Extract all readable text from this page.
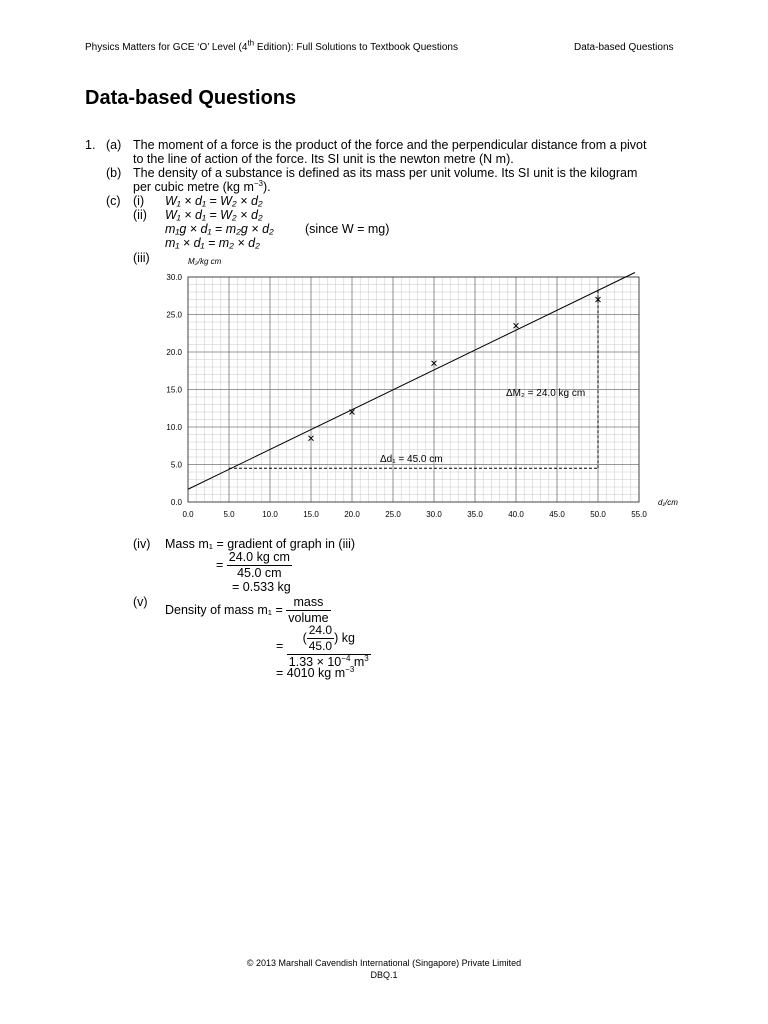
Physics Matters for GCE ‘O’ Level (4th Edition): Full Solutions to Textbook Questions	Data-based Questions
Data-based Questions
1. (a) The moment of a force is the product of the force and the perpendicular distance from a pivot
to the line of action of the force. Its SI unit is the newton metre (N m).
(b) The density of a substance is defined as its mass per unit volume. Its SI unit is the kilogram
per cubic metre (kg $m^{-3}$).
(c) (i) W₁ × d₁ = W₂ × d₂
(ii) W₁ × d₁ = W₂ × d₂
m₁g × d₁ = m₂g × d₂ (since W = mg)
m₁ × d₁ = m₂ × d₂
(iii)
0.0
5.0
10.0
15.0
20.0
25.0
30.0
0.0	5.0	10.0	15.0	20.0	25.0	30.0	35.0	40.0	45.0	50.0	55.0
M₂/kg cm
d₁/cm
ΔM₂ = 24.0 kg cm
Δd₁ = 45.0 cm
(iv) Mass m₁ = gradient of graph in (iii)
= $\frac{\text{24.0 kg cm}}{45.0 cm}$
= 0.533 kg
(v)
Density of mass $m_1 = \frac{\text{mass}}{\text{volume}}$
= $\frac{( \frac{24.0}{45.0} ) kg}{1.33 \times 10^{-4} m^3}$
= 4010 kg $m^{-3}$
© 2013 Marshall Cavendish International (Singapore) Private Limited
DBQ.1
